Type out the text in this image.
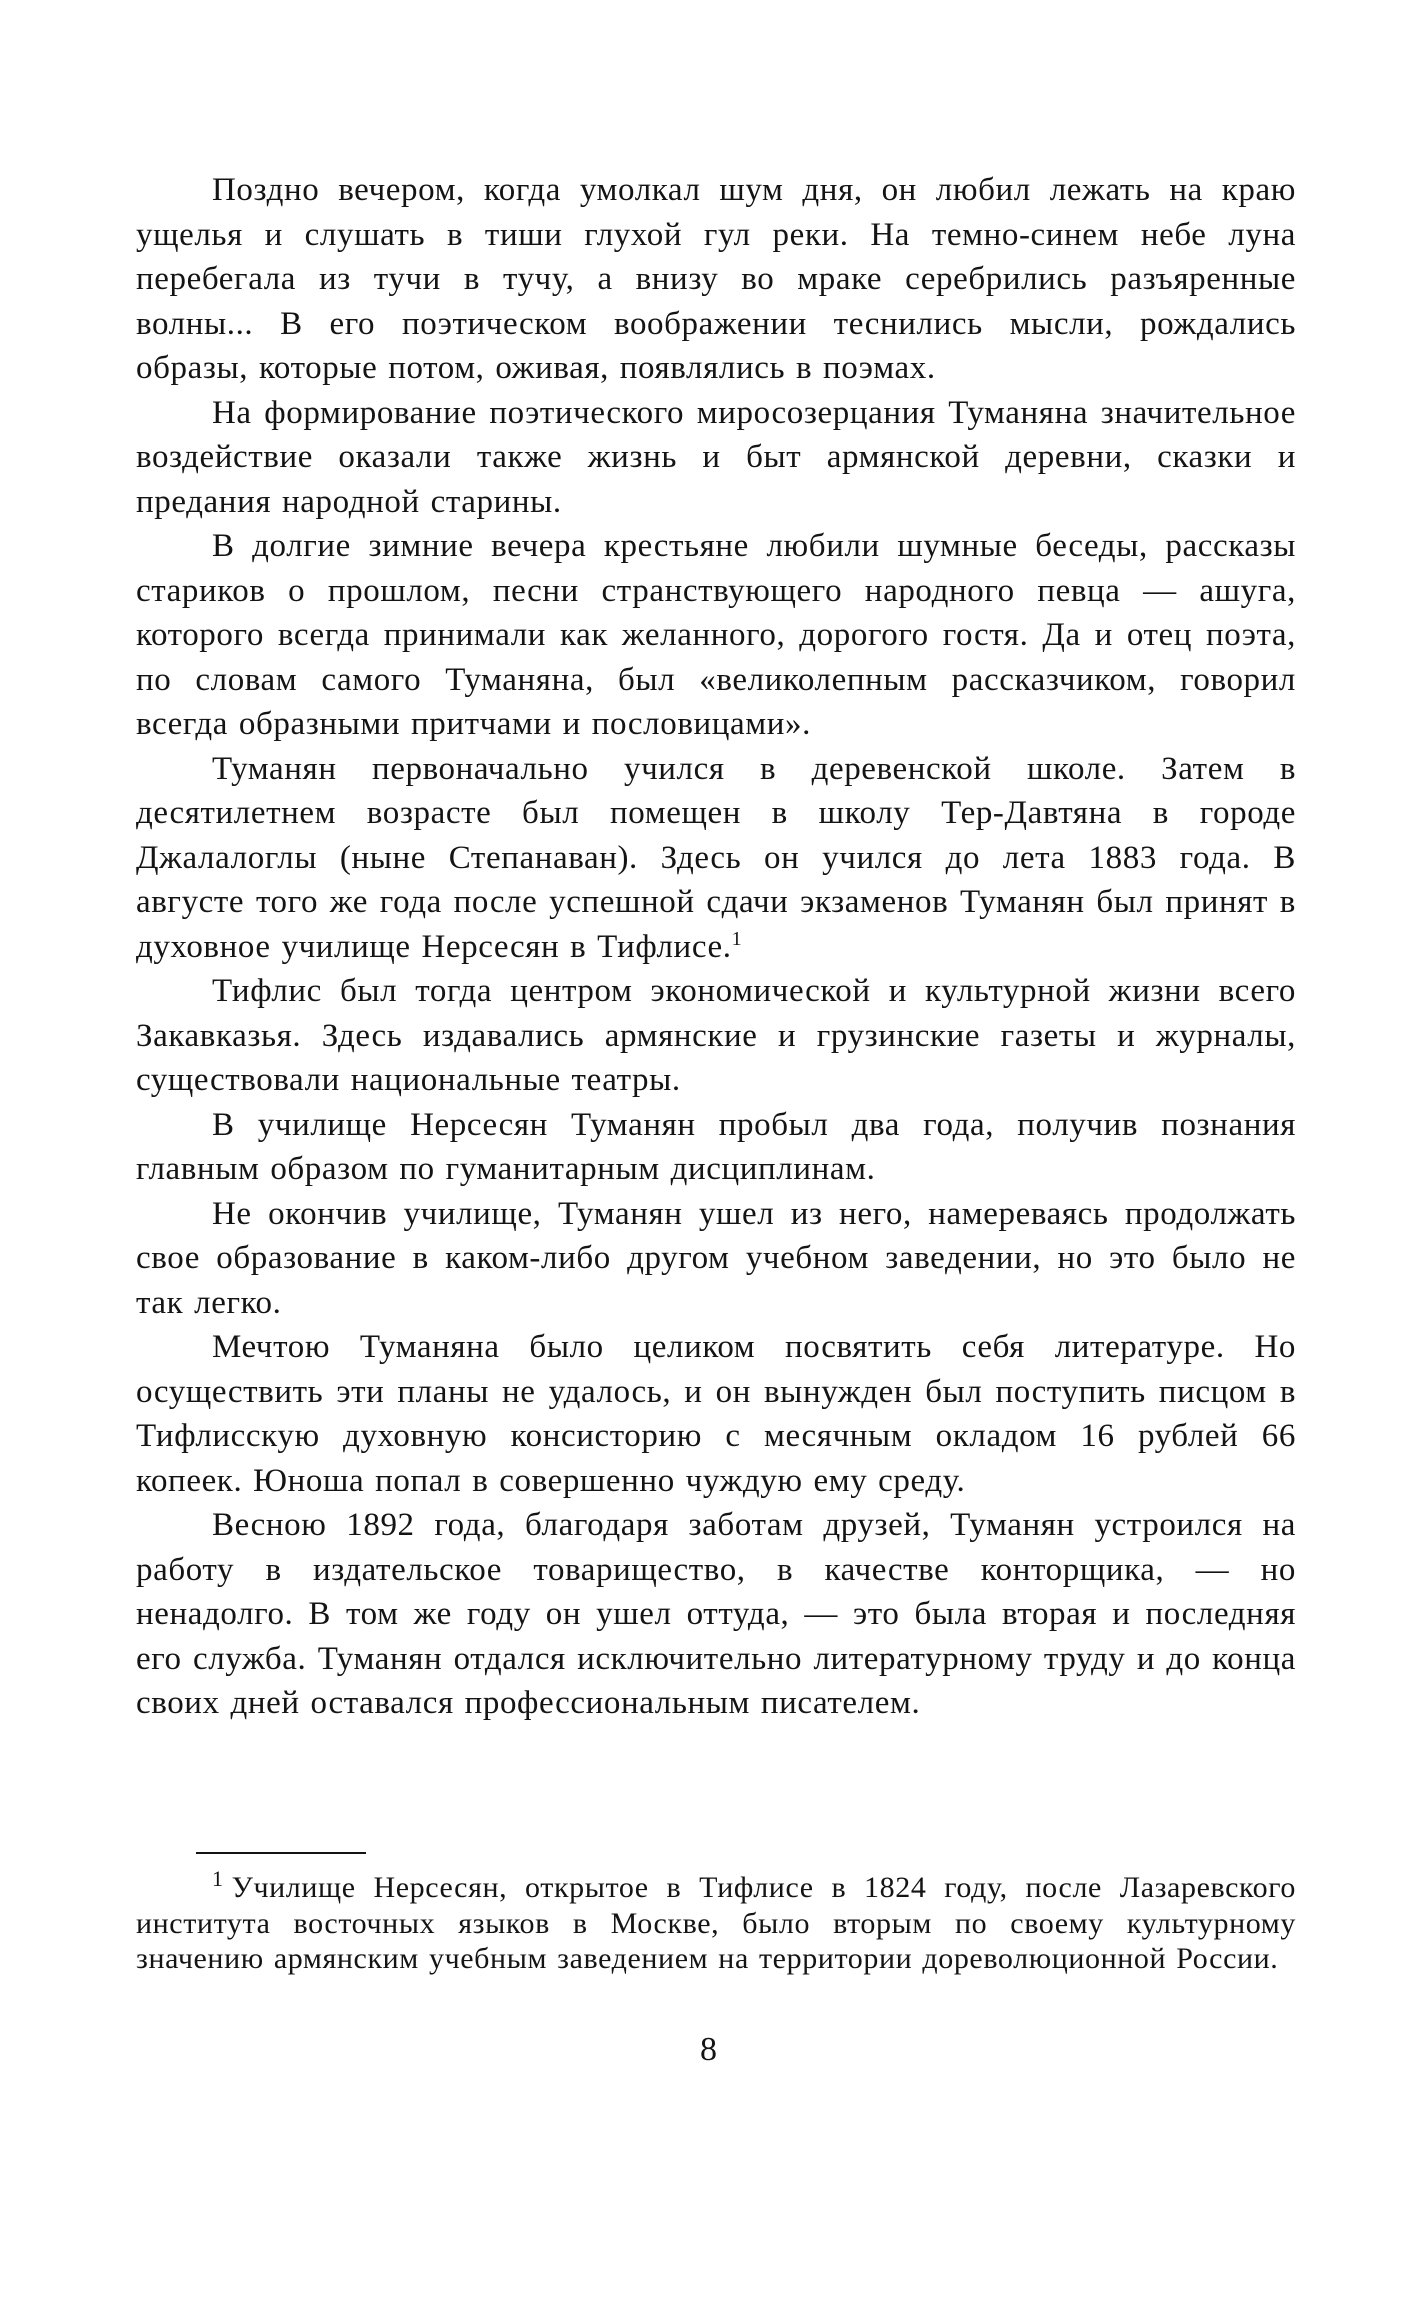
Поздно вечером, когда умолкал шум дня, он любил лежать на краю ущелья и слушать в тиши глухой гул реки. На темно-синем небе луна перебегала из тучи в тучу, а внизу во мраке серебрились разъяренные волны... В его поэтическом воображении теснились мысли, рождались образы, которые потом, оживая, появлялись в поэмах.

На формирование поэтического миросозерцания Туманяна значительное воздействие оказали также жизнь и быт армянской деревни, сказки и предания народной старины.

В долгие зимние вечера крестьяне любили шумные беседы, рассказы стариков о прошлом, песни странствующего народного певца — ашуга, которого всегда принимали как желанного, дорогого гостя. Да и отец поэта, по словам самого Туманяна, был «великолепным рассказчиком, говорил всегда образными притчами и пословицами».

Туманян первоначально учился в деревенской школе. Затем в десятилетнем возрасте был помещен в школу Тер-Давтяна в городе Джалалоглы (ныне Степанаван). Здесь он учился до лета 1883 года. В августе того же года после успешной сдачи экзаменов Туманян был принят в духовное училище Нерсесян в Тифлисе.$^1$

Тифлис был тогда центром экономической и культурной жизни всего Закавказья. Здесь издавались армянские и грузинские газеты и журналы, существовали национальные театры.

В училище Нерсесян Туманян пробыл два года, получив познания главным образом по гуманитарным дисциплинам.

Не окончив училище, Туманян ушел из него, намереваясь продолжать свое образование в каком-либо другом учебном заведении, но это было не так легко.

Мечтою Туманяна было целиком посвятить себя литературе. Но осуществить эти планы не удалось, и он вынужден был поступить писцом в Тифлисскую духовную консисторию с месячным окладом 16 рублей 66 копеек. Юноша попал в совершенно чуждую ему среду.

Весною 1892 года, благодаря заботам друзей, Туманян устроился на работу в издательское товарищество, в качестве конторщика, — но ненадолго. В том же году он ушел оттуда, — это была вторая и последняя его служба. Туманян отдался исключительно литературному труду и до конца своих дней оставался профессиональным писателем.

$^1$ Училище Нерсесян, открытое в Тифлисе в 1824 году, после Лазаревского института восточных языков в Москве, было вторым по своему культурному значению армянским учебным заведением на территории дореволюционной России.

8
